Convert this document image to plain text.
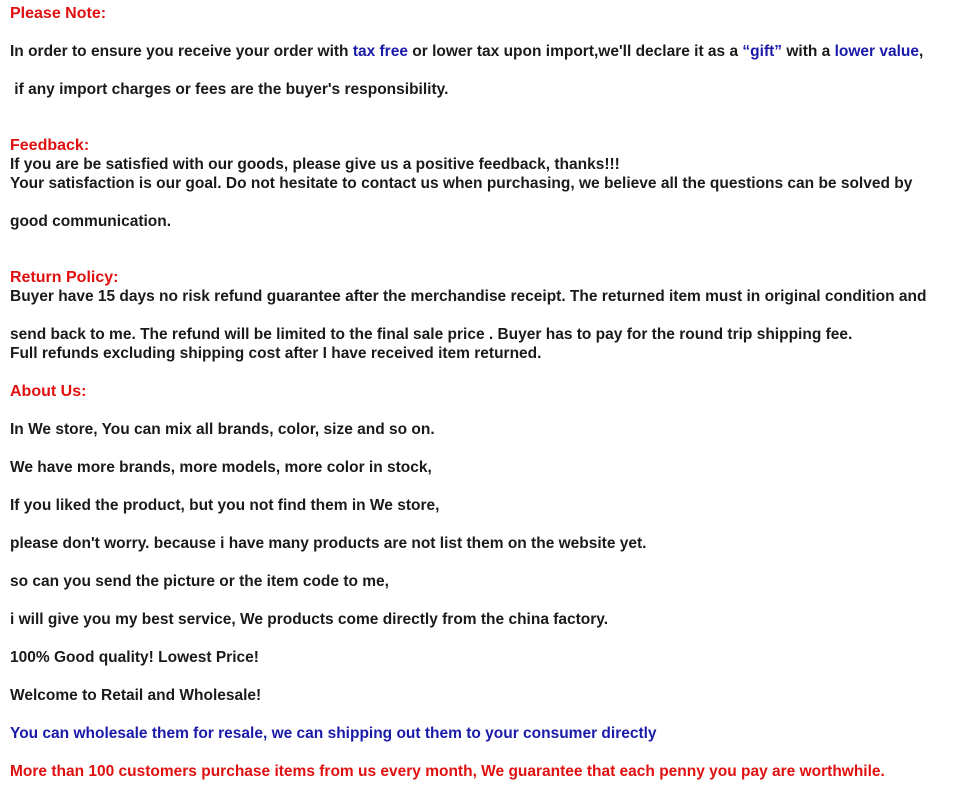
Please Note:

In order to ensure you receive your order with tax free or lower tax upon import,we'll declare it as a “gift” with a lower value,

if any import charges or fees are the buyer's responsibility.

Feedback:

If you are be satisfied with our goods, please give us a positive feedback, thanks!!!

Your satisfaction is our goal. Do not hesitate to contact us when purchasing, we believe all the questions can be solved by

good communication.

Return Policy:

Buyer have 15 days no risk refund guarantee after the merchandise receipt. The returned item must in original condition and

send back to me. The refund will be limited to the final sale price . Buyer has to pay for the round trip shipping fee.

Full refunds excluding shipping cost after I have received item returned.

About Us:

In We store, You can mix all brands, color, size and so on.

We have more brands, more models, more color in stock,

If you liked the product, but you not find them in We store,

please don't worry. because i have many products are not list them on the website yet.

so can you send the picture or the item code to me,

i will give you my best service, We products come directly from the china factory.

100% Good quality! Lowest Price!

Welcome to Retail and Wholesale!

You can wholesale them for resale, we can shipping out them to your consumer directly

More than 100 customers purchase items from us every month, We guarantee that each penny you pay are worthwhile.
